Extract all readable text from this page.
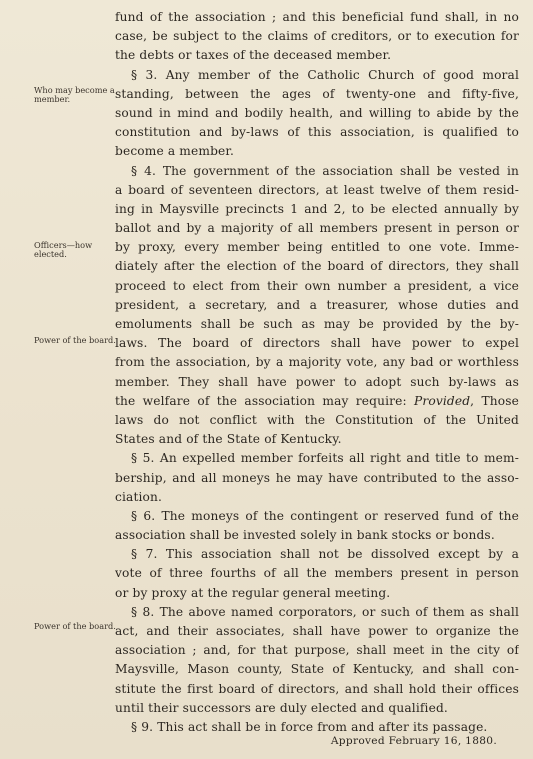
fund of the association ; and this beneficial fund shall, in no
case, be subject to the claims of creditors, or to execution for
the debts or taxes of the deceased member.
§ 3. Any member of the Catholic Church of good moral
standing, between the ages of twenty-one and fifty-five,
sound in mind and bodily health, and willing to abide by the
constitution and by-laws of this association, is qualified to
become a member.
§ 4. The government of the association shall be vested in
a board of seventeen directors, at least twelve of them resid-
ing in Maysville precincts 1 and 2, to be elected annually by
ballot and by a majority of all members present in person or
by proxy, every member being entitled to one vote. Imme-
diately after the election of the board of directors, they shall
proceed to elect from their own number a president, a vice
president, a secretary, and a treasurer, whose duties and
emoluments shall be such as may be provided by the by-
laws. The board of directors shall have power to expel
from the association, by a majority vote, any bad or worthless
member. They shall have power to adopt such by-laws as
the welfare of the association may require: Provided, Those
laws do not conflict with the Constitution of the United
States and of the State of Kentucky.
§ 5. An expelled member forfeits all right and title to mem-
bership, and all moneys he may have contributed to the asso-
ciation.
§ 6. The moneys of the contingent or reserved fund of the
association shall be invested solely in bank stocks or bonds.
§ 7. This association shall not be dissolved except by a
vote of three fourths of all the members present in person
or by proxy at the regular general meeting.
§ 8. The above named corporators, or such of them as shall
act, and their associates, shall have power to organize the
association ; and, for that purpose, shall meet in the city of
Maysville, Mason county, State of Kentucky, and shall con-
stitute the first board of directors, and shall hold their offices
until their successors are duly elected and qualified.
§ 9. This act shall be in force from and after its passage.
Who may become a member.
Officers—how elected.
Power of the board.
Power of the board.
Approved February 16, 1880.
